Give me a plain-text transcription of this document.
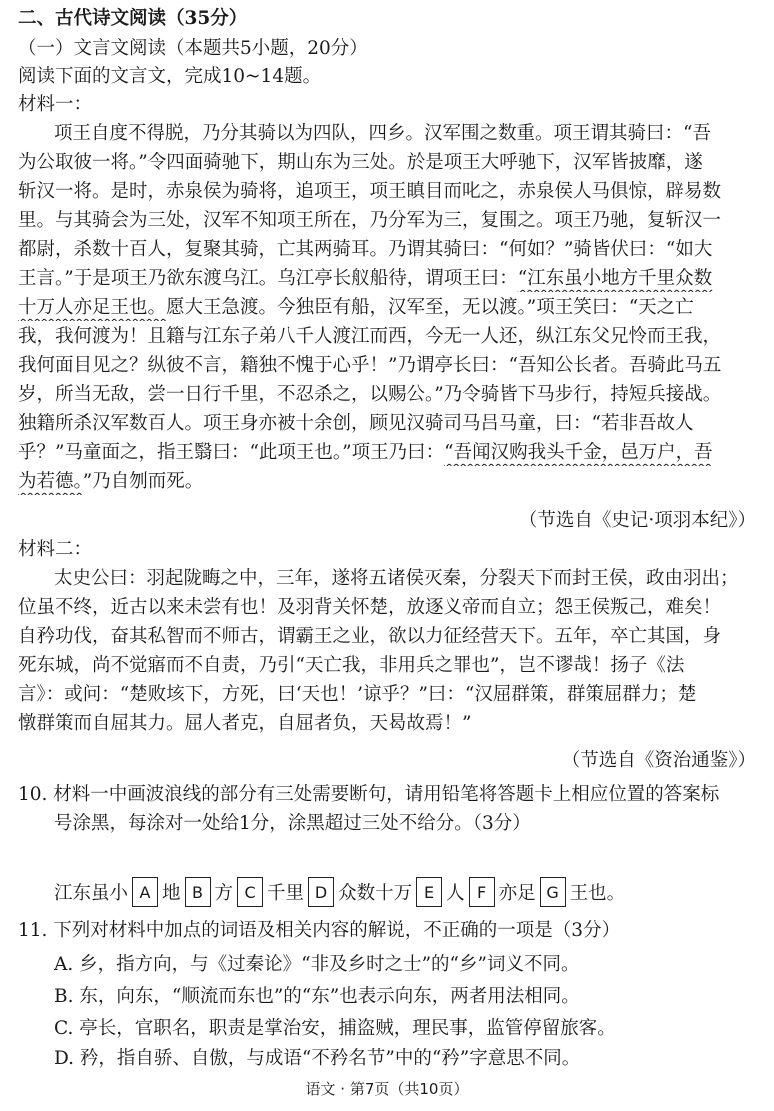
二、古代诗文阅读（35分）
（一）文言文阅读（本题共5小题，20分）
阅读下面的文言文，完成10~14题。
材料一：
项王自度不得脱，乃分其骑以为四队，四乡。汉军围之数重。项王谓其骑曰：“吾
为公取彼一将。”令四面骑驰下，期山东为三处。於是项王大呼驰下，汉军皆披靡，遂
斩汉一将。是时，赤泉侯为骑将，追项王，项王瞋目而叱之，赤泉侯人马俱惊，辟易数
里。与其骑会为三处，汉军不知项王所在，乃分军为三，复围之。项王乃驰，复斩汉一
都尉，杀数十百人，复聚其骑，亡其两骑耳。乃谓其骑曰：“何如？”骑皆伏曰：“如大
王言。”于是项王乃欲东渡乌江。乌江亭长舣船待，谓项王曰：“江东虽小地方千里众数
十万人亦足王也。愿大王急渡。今独臣有船，汉军至，无以渡。”项王笑曰：“天之亡
我，我何渡为！且籍与江东子弟八千人渡江而西，今无一人还，纵江东父兄怜而王我，
我何面目见之？纵彼不言，籍独不愧于心乎！”乃谓亭长曰：“吾知公长者。吾骑此马五
岁，所当无敌，尝一日行千里，不忍杀之，以赐公。”乃令骑皆下马步行，持短兵接战。
独籍所杀汉军数百人。项王身亦被十余创，顾见汉骑司马吕马童，曰：“若非吾故人
乎？”马童面之，指王翳曰：“此项王也。”项王乃曰：“吾闻汉购我头千金，邑万户，吾
为若德。”乃自刎而死。
（节选自《史记·项羽本纪》）
材料二：
太史公曰：羽起陇畮之中，三年，遂将五诸侯灭秦，分裂天下而封王侯，政由羽出；
位虽不终，近古以来未尝有也！及羽背关怀楚，放逐义帝而自立；怨王侯叛己，难矣！
自矜功伐，奋其私智而不师古，谓霸王之业，欲以力征经营天下。五年，卒亡其国，身
死东城，尚不觉寤而不自责，乃引“天亡我，非用兵之罪也”，岂不谬哉！扬子《法
言》：或问：“楚败垓下，方死，曰‘天也！’谅乎？”曰：“汉屈群策，群策屈群力；楚
憞群策而自屈其力。屈人者克，自屈者负，天曷故焉！”
（节选自《资治通鉴》）
10. 材料一中画波浪线的部分有三处需要断句，请用铅笔将答题卡上相应位置的答案标
号涂黑，每涂对一处给1分，涂黑超过三处不给分。（3分）
江东虽小 A 地 B 方 C 千里 D 众数十万 E 人 F 亦足 G 王也。
11. 下列对材料中加点的词语及相关内容的解说，不正确的一项是（3分）
A. 乡，指方向，与《过秦论》“非及乡时之士”的“乡”词义不同。
B. 东，向东，“顺流而东也”的“东”也表示向东，两者用法相同。
C. 亭长，官职名，职责是掌治安，捕盗贼，理民事，监管停留旅客。
D. 矜，指自骄、自傲，与成语“不矜名节”中的“矜”字意思不同。
语文 · 第7页（共10页）
